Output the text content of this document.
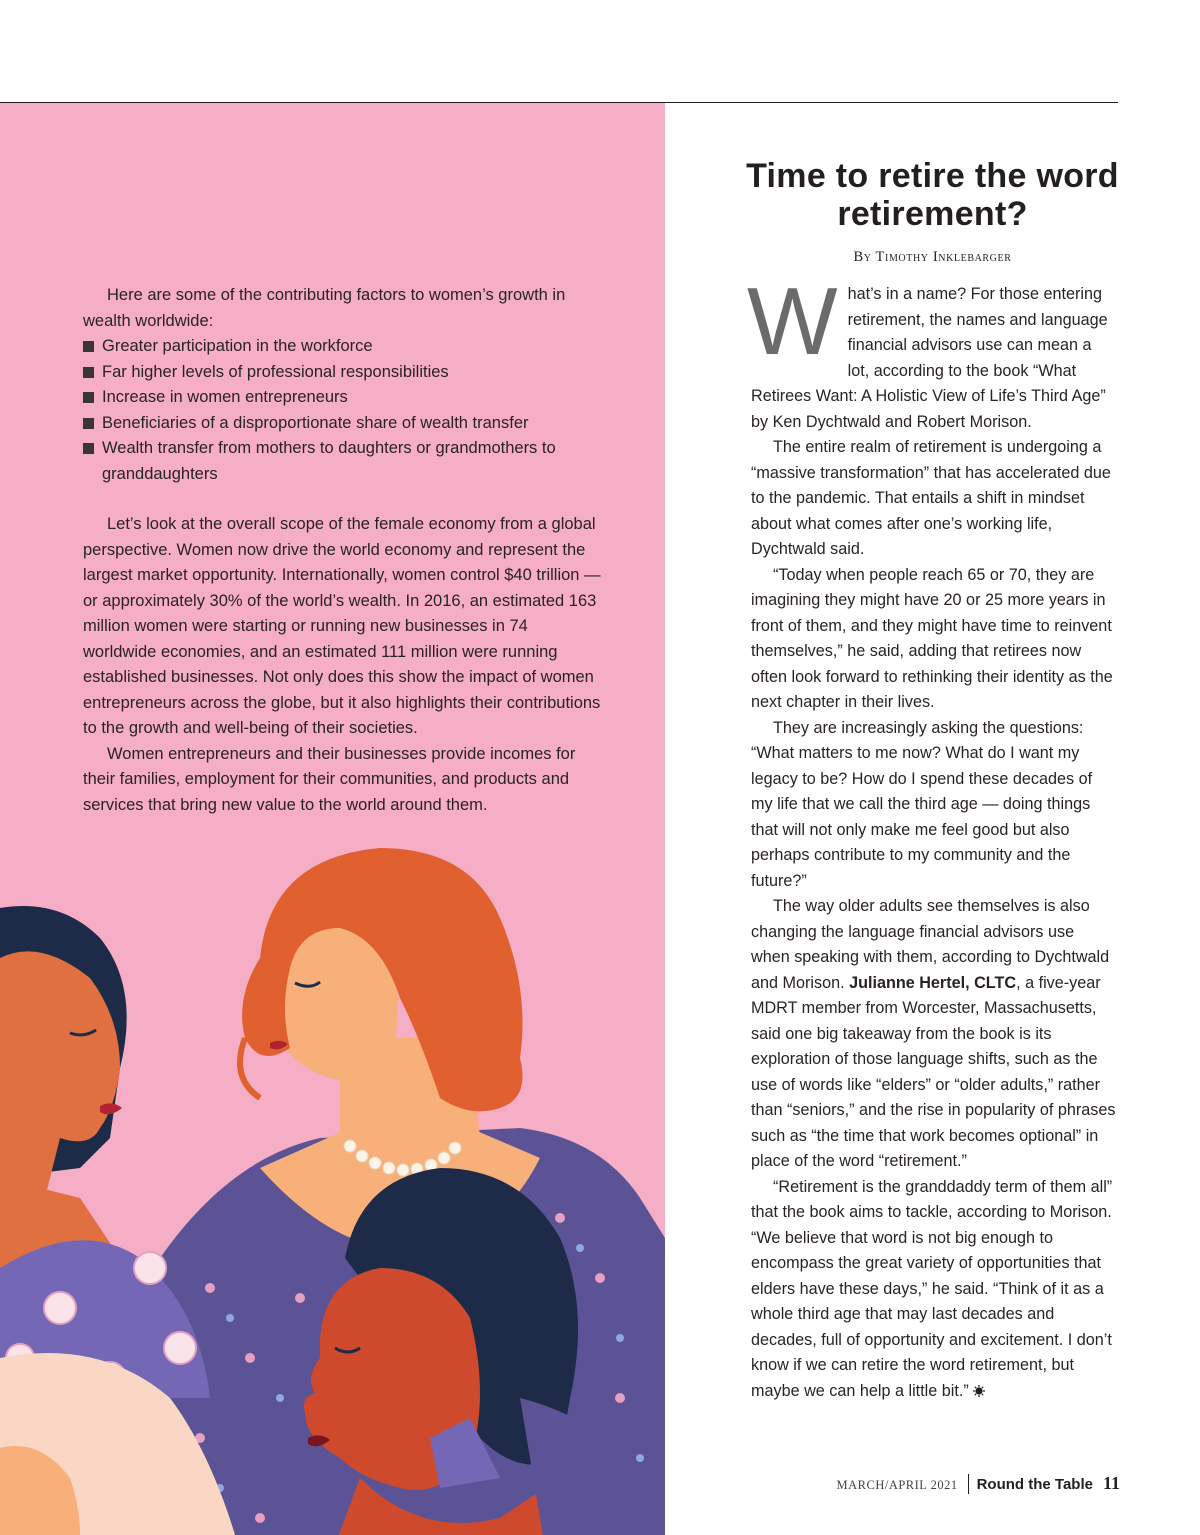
Here are some of the contributing factors to women’s growth in wealth worldwide:

Greater participation in the workforce
Far higher levels of professional responsibilities
Increase in women entrepreneurs
Beneficiaries of a disproportionate share of wealth transfer
Wealth transfer from mothers to daughters or grandmothers to granddaughters

Let’s look at the overall scope of the female economy from a global perspective. Women now drive the world economy and represent the largest market opportunity. Internationally, women control $40 trillion — or approximately 30% of the world’s wealth. In 2016, an estimated 163 million women were starting or running new businesses in 74 worldwide economies, and an estimated 111 million were running established businesses. Not only does this show the impact of women entrepreneurs across the globe, but it also highlights their contributions to the growth and well-being of their societies.

Women entrepreneurs and their businesses provide incomes for their families, employment for their communities, and products and services that bring new value to the world around them.

Time to retire the word retirement?
By Timothy Inklebarger

What’s in a name? For those entering retirement, the names and language financial advisors use can mean a lot, according to the book “What Retirees Want: A Holistic View of Life’s Third Age” by Ken Dychtwald and Robert Morison.

The entire realm of retirement is undergoing a “massive transformation” that has accelerated due to the pandemic. That entails a shift in mindset about what comes after one’s working life, Dychtwald said.

“Today when people reach 65 or 70, they are imagining they might have 20 or 25 more years in front of them, and they might have time to reinvent themselves,” he said, adding that retirees now often look forward to rethinking their identity as the next chapter in their lives.

They are increasingly asking the questions: “What matters to me now? What do I want my legacy to be? How do I spend these decades of my life that we call the third age — doing things that will not only make me feel good but also perhaps contribute to my community and the future?”

The way older adults see themselves is also changing the language financial advisors use when speaking with them, according to Dychtwald and Morison. Julianne Hertel, CLTC, a five-year MDRT member from Worcester, Massachusetts, said one big takeaway from the book is its exploration of those language shifts, such as the use of words like “elders” or “older adults,” rather than “seniors,” and the rise in popularity of phrases such as “the time that work becomes optional” in place of the word “retirement.”

“Retirement is the granddaddy term of them all” that the book aims to tackle, according to Morison. “We believe that word is not big enough to encompass the great variety of opportunities that elders have these days,” he said. “Think of it as a whole third age that may last decades and decades, full of opportunity and excitement. I don’t know if we can retire the word retirement, but maybe we can help a little bit.”

MARCH/APRIL 2021 Round the Table 11
